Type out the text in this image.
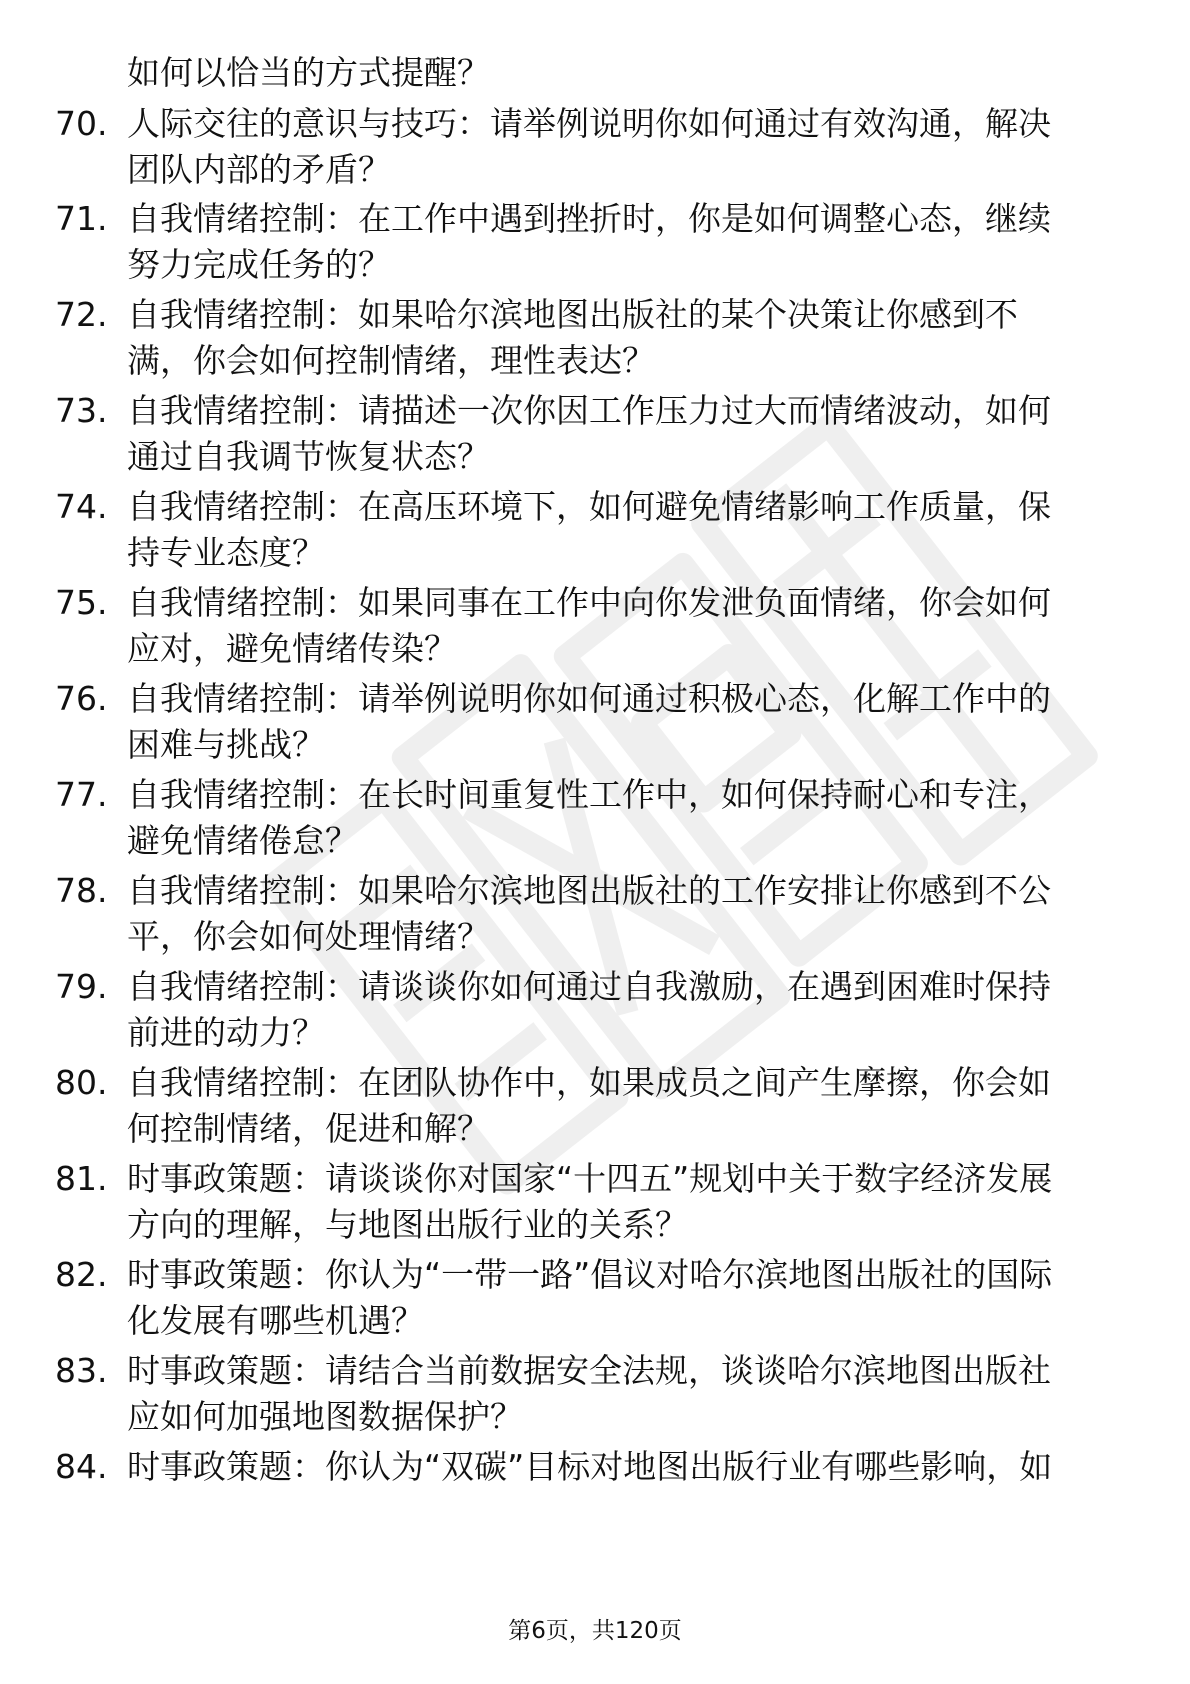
如何以恰当的方式提醒？

70. 人际交往的意识与技巧：请举例说明你如何通过有效沟通，解决
团队内部的矛盾？
71. 自我情绪控制：在工作中遇到挫折时，你是如何调整心态，继续
努力完成任务的？
72. 自我情绪控制：如果哈尔滨地图出版社的某个决策让你感到不
满，你会如何控制情绪，理性表达？
73. 自我情绪控制：请描述一次你因工作压力过大而情绪波动，如何
通过自我调节恢复状态？
74. 自我情绪控制：在高压环境下，如何避免情绪影响工作质量，保
持专业态度？
75. 自我情绪控制：如果同事在工作中向你发泄负面情绪，你会如何
应对，避免情绪传染？
76. 自我情绪控制：请举例说明你如何通过积极心态，化解工作中的
困难与挑战？
77. 自我情绪控制：在长时间重复性工作中，如何保持耐心和专注，
避免情绪倦怠？
78. 自我情绪控制：如果哈尔滨地图出版社的工作安排让你感到不公
平，你会如何处理情绪？
79. 自我情绪控制：请谈谈你如何通过自我激励，在遇到困难时保持
前进的动力？
80. 自我情绪控制：在团队协作中，如果成员之间产生摩擦，你会如
何控制情绪，促进和解？
81. 时事政策题：请谈谈你对国家“十四五”规划中关于数字经济发展
方向的理解，与地图出版行业的关系？
82. 时事政策题：你认为“一带一路”倡议对哈尔滨地图出版社的国际
化发展有哪些机遇？
83. 时事政策题：请结合当前数据安全法规，谈谈哈尔滨地图出版社
应如何加强地图数据保护？
84. 时事政策题：你认为“双碳”目标对地图出版行业有哪些影响，如
第6页，共120页
